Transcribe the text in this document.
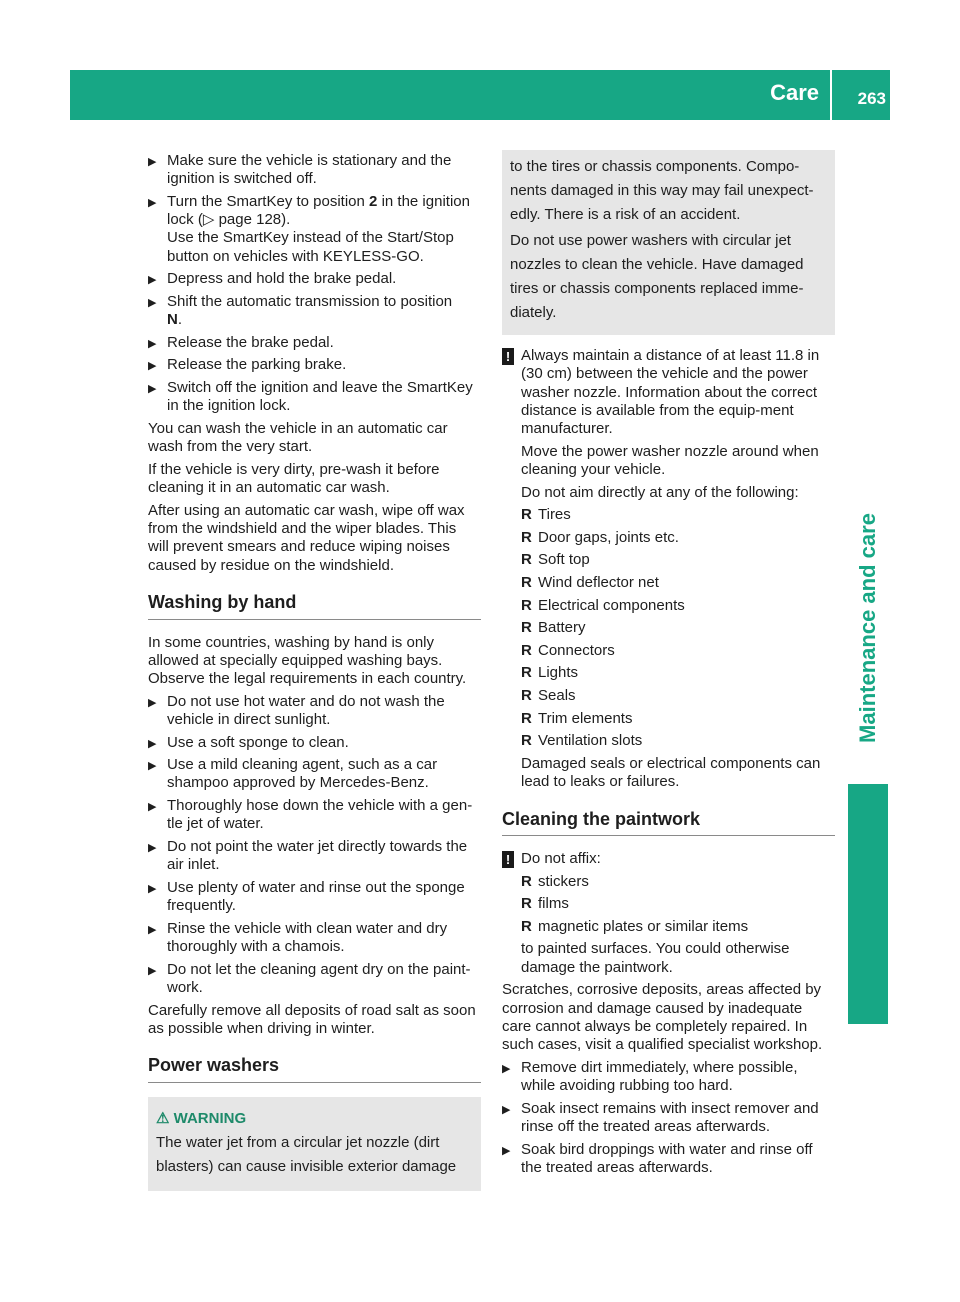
Care 263
Maintenance and care
▶ Make sure the vehicle is stationary and the ignition is switched off.
▶ Turn the SmartKey to position 2 in the ignition lock (▷ page 128).
Use the SmartKey instead of the Start/Stop button on vehicles with KEYLESS-GO.
▶ Depress and hold the brake pedal.
▶ Shift the automatic transmission to position
N.
▶ Release the brake pedal.
▶ Release the parking brake.
▶ Switch off the ignition and leave the SmartKey in the ignition lock.

You can wash the vehicle in an automatic car wash from the very start.

If the vehicle is very dirty, pre-wash it before cleaning it in an automatic car wash.

After using an automatic car wash, wipe off wax from the windshield and the wiper blades. This will prevent smears and reduce wiping noises caused by residue on the windshield.

Washing by hand

In some countries, washing by hand is only allowed at specially equipped washing bays. Observe the legal requirements in each country.

▶ Do not use hot water and do not wash the vehicle in direct sunlight.
▶ Use a soft sponge to clean.
▶ Use a mild cleaning agent, such as a car shampoo approved by Mercedes-Benz.
▶ Thoroughly hose down the vehicle with a gen-tle jet of water.
▶ Do not point the water jet directly towards the air inlet.
▶ Use plenty of water and rinse out the sponge frequently.
▶ Rinse the vehicle with clean water and dry thoroughly with a chamois.
▶ Do not let the cleaning agent dry on the paint-work.

Carefully remove all deposits of road salt as soon as possible when driving in winter.

Power washers
⚠ WARNING

The water jet from a circular jet nozzle (dirt blasters) can cause invisible exterior damage

to the tires or chassis components. Compo-nents damaged in this way may fail unexpect-edly. There is a risk of an accident.

Do not use power washers with circular jet nozzles to clean the vehicle. Have damaged tires or chassis components replaced imme-diately.

! Always maintain a distance of at least 11.8 in (30 cm) between the vehicle and the power washer nozzle. Information about the correct distance is available from the equip-ment manufacturer.

Move the power washer nozzle around when cleaning your vehicle.

Do not aim directly at any of the following:

R Tires
R Door gaps, joints etc.
R Soft top
R Wind deflector net
R Electrical components
R Battery
R Connectors
R Lights
R Seals
R Trim elements
R Ventilation slots

Damaged seals or electrical components can lead to leaks or failures.

Cleaning the paintwork
! Do not affix:

R stickers
R films
R magnetic plates or similar items

to painted surfaces. You could otherwise damage the paintwork.

Scratches, corrosive deposits, areas affected by corrosion and damage caused by inadequate care cannot always be completely repaired. In such cases, visit a qualified specialist workshop.

▶ Remove dirt immediately, where possible, while avoiding rubbing too hard.
▶ Soak insect remains with insect remover and rinse off the treated areas afterwards.
▶ Soak bird droppings with water and rinse off the treated areas afterwards.
